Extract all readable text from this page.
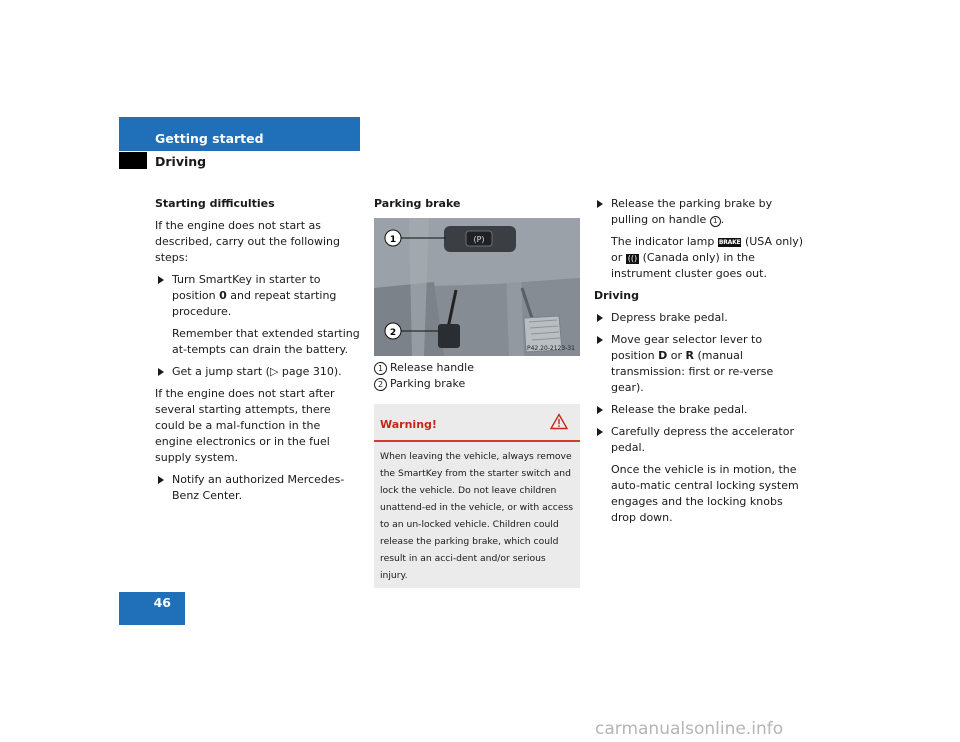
Getting started
Driving
Starting difficulties

If the engine does not start as described, carry out the following steps:

Turn SmartKey in starter to position 0 and repeat starting procedure.

Remember that extended starting at-tempts can drain the battery.

Get a jump start (▷ page 310).

If the engine does not start after several starting attempts, there could be a mal-function in the engine electronics or in the fuel supply system.

Notify an authorized Mercedes-Benz Center.
Parking brake
(P)
1
2
P42.20-2123-31
1 Release handle
2 Parking brake
Warning!
When leaving the vehicle, always remove the SmartKey from the starter switch and lock the vehicle. Do not leave children unattend-ed in the vehicle, or with access to an un-locked vehicle. Children could release the parking brake, which could result in an acci-dent and/or serious injury.
Release the parking brake by pulling on handle 1 .

The indicator lamp BRAKE (USA only) or (() (Canada only) in the instrument cluster goes out.

Driving
Depress brake pedal.
Move gear selector lever to position D or R (manual transmission: first or re-verse gear).
Release the brake pedal.
Carefully depress the accelerator pedal.

Once the vehicle is in motion, the auto-matic central locking system engages and the locking knobs drop down.

46
carmanualsonline.info
